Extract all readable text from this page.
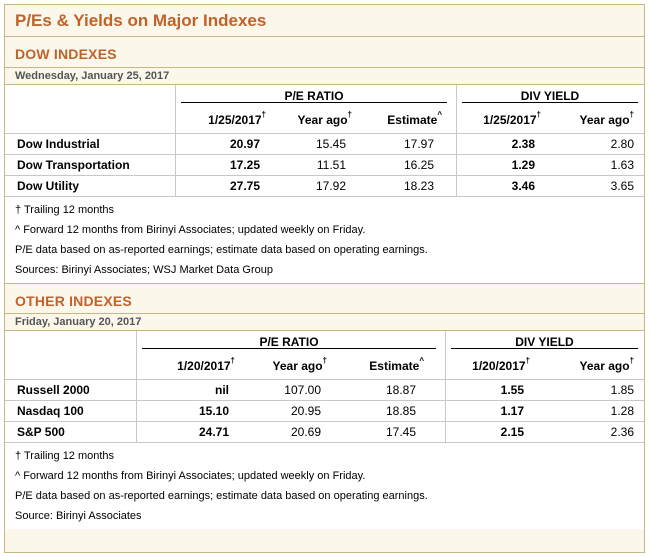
P/Es & Yields on Major Indexes
DOW INDEXES
Wednesday, January 25, 2017
P/E RATIO	DIV YIELD
1/25/2017†	Year ago†	Estimate^	1/25/2017†	Year ago†
Dow Industrial	20.97	15.45	17.97	2.38	2.80
Dow Transportation	17.25	11.51	16.25	1.29	1.63
Dow Utility	27.75	17.92	18.23	3.46	3.65
† Trailing 12 months
^ Forward 12 months from Birinyi Associates; updated weekly on Friday.
P/E data based on as-reported earnings; estimate data based on operating earnings.
Sources: Birinyi Associates; WSJ Market Data Group
OTHER INDEXES
Friday, January 20, 2017
P/E RATIO	DIV YIELD
1/20/2017†	Year ago†	Estimate^	1/20/2017†	Year ago†
Russell 2000	nil	107.00	18.87	1.55	1.85
Nasdaq 100	15.10	20.95	18.85	1.17	1.28
S&P 500	24.71	20.69	17.45	2.15	2.36
† Trailing 12 months
^ Forward 12 months from Birinyi Associates; updated weekly on Friday.
P/E data based on as-reported earnings; estimate data based on operating earnings.
Source: Birinyi Associates
